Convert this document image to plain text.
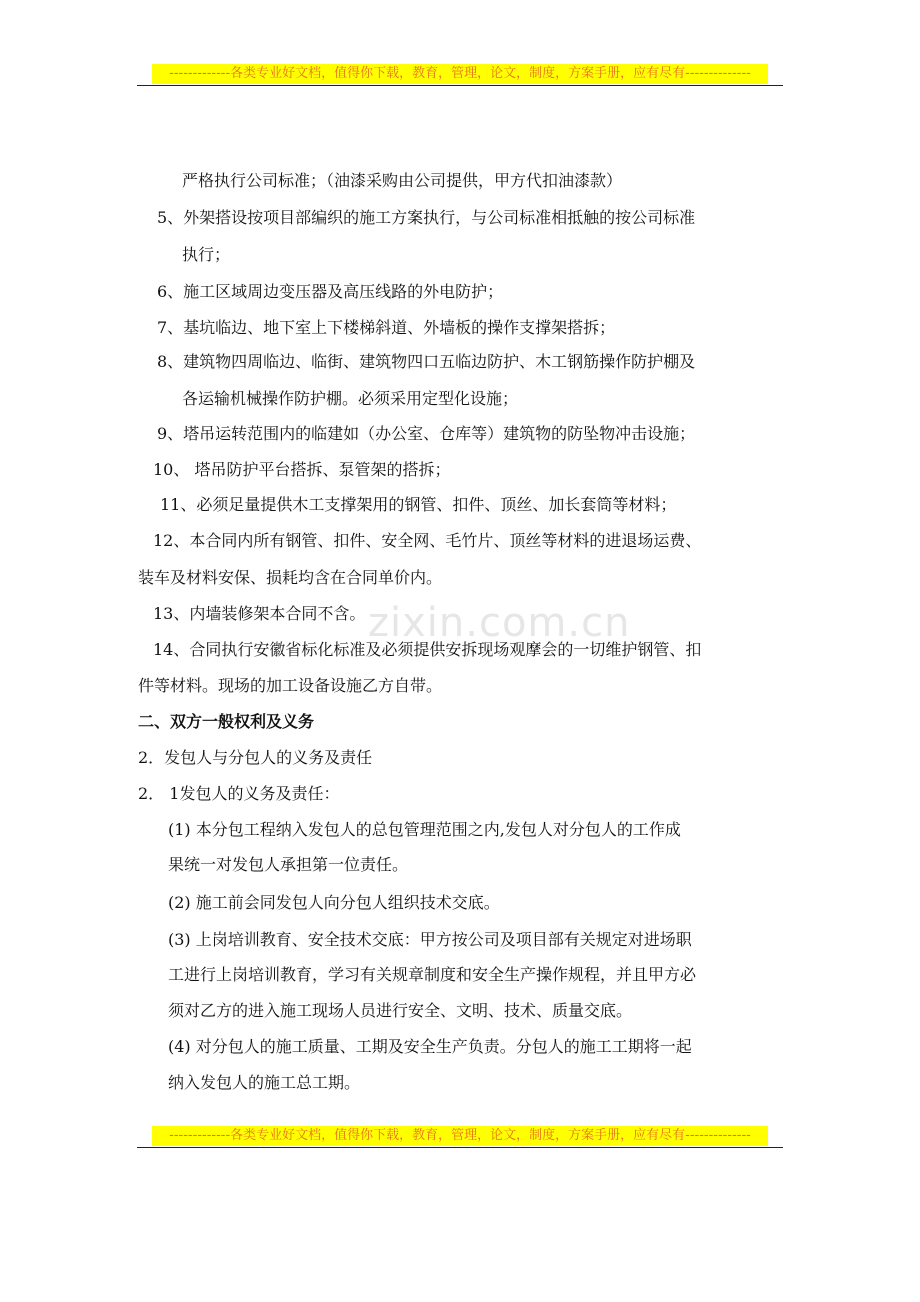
-------------各类专业好文档，值得你下载，教育，管理，论文，制度，方案手册，应有尽有--------------
zixin.com.cn
严格执行公司标准；（油漆采购由公司提供，甲方代扣油漆款）
5、外架搭设按项目部编织的施工方案执行，与公司标准相抵触的按公司标准
执行；
6、施工区域周边变压器及高压线路的外电防护；
7、基坑临边、地下室上下楼梯斜道、外墙板的操作支撑架搭拆；
8、建筑物四周临边、临街、建筑物四口五临边防护、木工钢筋操作防护棚及
各运输机械操作防护棚。必须采用定型化设施；
9、塔吊运转范围内的临建如（办公室、仓库等）建筑物的防坠物冲击设施；
10、 塔吊防护平台搭拆、泵管架的搭拆；
11、必须足量提供木工支撑架用的钢管、扣件、顶丝、加长套筒等材料；
12、本合同内所有钢管、扣件、安全网、毛竹片、顶丝等材料的进退场运费、
装车及材料安保、损耗均含在合同单价内。
13、内墙装修架本合同不含。
14、合同执行安徽省标化标准及必须提供安拆现场观摩会的一切维护钢管、扣
件等材料。现场的加工设备设施乙方自带。
二、双方一般权利及义务
2．发包人与分包人的义务及责任
2． 1发包人的义务及责任：
(1) 本分包工程纳入发包人的总包管理范围之内,发包人对分包人的工作成
果统一对发包人承担第一位责任。
(2) 施工前会同发包人向分包人组织技术交底。
(3) 上岗培训教育、安全技术交底：甲方按公司及项目部有关规定对进场职
工进行上岗培训教育，学习有关规章制度和安全生产操作规程，并且甲方必
须对乙方的进入施工现场人员进行安全、文明、技术、质量交底。
(4) 对分包人的施工质量、工期及安全生产负责。分包人的施工工期将一起
纳入发包人的施工总工期。
-------------各类专业好文档，值得你下载，教育，管理，论文，制度，方案手册，应有尽有--------------
